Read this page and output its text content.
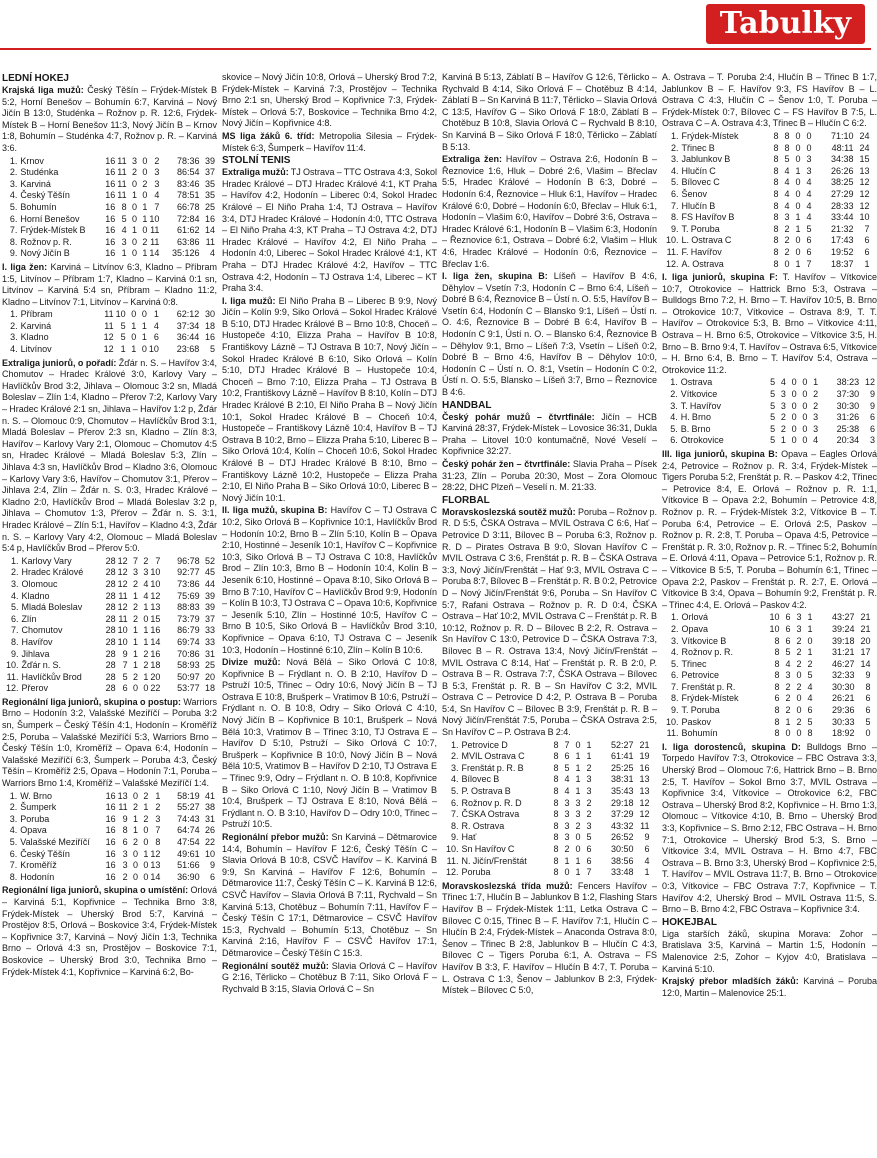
Tabulky
LEDNÍ HOKEJ
Krajská liga mužů: Český Těšín – Frýdek-Místek B 5:2, Horní Benešov – Bohumín 6:7, Karviná – Nový Jičín B 13:0, Studénka – Rožnov p. R. 12:6, Frýdek-Místek B – Horní Benešov 11:3, Nový Jičín B – Krnov 1:8, Bohumín – Studénka 4:7, Rožnov p. R. – Karviná 3:6.
1.	Krnov	16	11	3	0	2	78:36	39
2.	Studénka	16	11	2	0	3	86:54	37
3.	Karviná	16	11	0	2	3	83:46	35
4.	Český Těšín	16	11	1	0	4	78:51	35
5.	Bohumín	16	8	0	1	7	66:78	25
6.	Horní Benešov	16	5	0	1	10	72:84	16
7.	Frýdek-Místek B	16	4	1	0	11	61:62	14
8.	Rožnov p. R.	16	3	0	2	11	63:86	11
9.	Nový Jičín B	16	1	0	1	14	35:126	4
I. liga žen: Karviná – Litvínov 6:3, Kladno – Příbram 1:5, Litvínov – Příbram 1:7, Kladno – Karviná 0:1 sn, Litvínov – Karviná 5:4 sn, Příbram – Kladno 11:2, Kladno – Litvínov 7:1, Litvínov – Karviná 0:8.
1.	Příbram	11	10	0	0	1	62:12	30
2.	Karviná	11	5	1	1	4	37:34	18
3.	Kladno	12	5	0	1	6	36:44	16
4.	Litvínov	12	1	1	0	10	23:68	5
Extraliga juniorů, o pořadí: Žďár n. S. – Havířov 3:4, Chomutov – Hradec Králové 3:0, Karlovy Vary – Havlíčkův Brod 3:2, Jihlava – Olomouc 3:2 sn, Mladá Boleslav – Zlín 1:4, Kladno – Přerov 7:2, Karlovy Vary – Hradec Králové 2:1 sn, Jihlava – Havířov 1:2 p, Žďár n. S. – Olomouc 0:9, Chomutov – Havlíčkův Brod 3:1, Mladá Boleslav – Přerov 2:3 sn, Kladno – Zlín 8:3, Havířov – Karlovy Vary 2:1, Olomouc – Chomutov 4:5 sn, Hradec Králové – Mladá Boleslav 5:3, Zlín – Jihlava 4:3 sn, Havlíčkův Brod – Kladno 3:6, Olomouc – Karlovy Vary 3:6, Havířov – Chomutov 3:1, Přerov – Jihlava 2:4, Zlín – Žďár n. S. 0:3, Hradec Králové – Kladno 2:0, Havlíčkův Brod – Mladá Boleslav 3:2 p, Jihlava – Chomutov 1:3, Přerov – Žďár n. S. 3:1, Hradec Králové – Zlín 5:1, Havířov – Kladno 4:3, Žďár n. S. – Karlovy Vary 4:2, Olomouc – Mladá Boleslav 5:4 p, Havlíčkův Brod – Přerov 5:0.
1.	Karlovy Vary	28	12	7	2	7	96:78	52
2.	Hradec Králové	28	12	3	3	10	92:77	45
3.	Olomouc	28	12	2	4	10	73:86	44
4.	Kladno	28	11	1	4	12	75:69	39
5.	Mladá Boleslav	28	12	2	1	13	88:83	39
6.	Zlín	28	11	2	0	15	73:79	37
7.	Chomutov	28	10	1	1	16	86:79	33
8.	Havířov	28	10	1	1	14	69:74	33
9.	Jihlava	28	9	1	2	16	70:86	31
10.	Žďár n. S.	28	7	1	2	18	58:93	25
11.	Havlíčkův Brod	28	5	2	1	20	50:97	20
12.	Přerov	28	6	0	0	22	53:77	18
Regionální liga juniorů, skupina o postup: Warriors Brno – Hodonín 3:2, Valašské Meziříčí – Poruba 3:2 sn, Šumperk – Český Těšín 4:1, Hodonín – Kroměříž 2:5, Poruba – Valašské Meziříčí 5:3, Warriors Brno – Český Těšín 1:0, Kroměříž – Opava 6:4, Hodonín – Valašské Meziříčí 6:3, Šumperk – Poruba 4:3, Český Těšín – Kroměříž 2:5, Opava – Hodonín 7:1, Poruba – Warriors Brno 1:4, Kroměříž – Valašské Meziříčí 1:4.
1.	W. Brno	16	13	0	2	1	58:19	41
2.	Šumperk	16	11	2	1	2	55:27	38
3.	Poruba	16	9	1	2	3	74:43	31
4.	Opava	16	8	1	0	7	64:74	26
5.	Valašské Meziříčí	16	6	2	0	8	47:54	22
6.	Český Těšín	16	3	0	1	12	49:61	10
7.	Kroměříž	16	3	0	0	13	51:66	9
8.	Hodonín	16	2	0	0	14	36:90	6
Regionální liga juniorů, skupina o umístění: Orlová – Karviná 5:1, Kopřivnice – Technika Brno 3:8, Frýdek-Místek – Uherský Brod 5:7, Karviná – Prostějov 8:5, Orlová – Boskovice 3:4, Frýdek-Místek – Kopřivnice 3:7, Karviná – Nový Jičín 1:3, Technika Brno – Orlová 4:3 sn, Prostějov – Boskovice 7:1, Boskovice – Uherský Brod 3:0, Technika Brno – Frýdek-Místek 4:1, Kopřivnice – Karviná 6:2, Bo-
skovice – Nový Jičín 10:8, Orlová – Uherský Brod 7:2, Frýdek-Místek – Karviná 7:3, Prostějov – Technika Brno 2:1 sn, Uherský Brod – Kopřivnice 7:3, Frýdek-Místek – Orlová 5:7, Boskovice – Technika Brno 4:2, Nový Jičín – Kopřivnice 4:8.
MS liga žáků 6. tříd: Metropolia Silesia – Frýdek-Místek 6:3, Šumperk – Havířov 11:4.
STOLNÍ TENIS
Extraliga mužů: TJ Ostrava – TTC Ostrava 4:3, Sokol Hradec Králové – DTJ Hradec Králové 4:1, KT Praha – Havířov 4:2, Hodonín – Liberec 0:4, Sokol Hradec Králové – El Niño Praha 1:4, TJ Ostrava – Havířov 3:4, DTJ Hradec Králové – Hodonín 4:0, TTC Ostrava – El Niño Praha 4:3, KT Praha – TJ Ostrava 4:2, DTJ Hradec Králové – Havířov 4:2, El Niño Praha – Hodonín 4:0, Liberec – Sokol Hradec Králové 4:1, KT Praha – DTJ Hradec Králové 4:2, Havířov – TTC Ostrava 4:2, Hodonín – TJ Ostrava 1:4, Liberec – KT Praha 3:4.
I. liga mužů: El Niño Praha B – Liberec B 9:9, Nový Jičín – Kolín 9:9, Siko Orlová – Sokol Hradec Králové B 5:10, DTJ Hradec Králové B – Brno 10:8, Choceň – Hustopeče 4:10, Elizza Praha – Havířov B 10:8, Františkovy Lázně – TJ Ostrava B 10:7, Nový Jičín – Sokol Hradec Králové B 6:10, Siko Orlová – Kolín 5:10, DTJ Hradec Králové B – Hustopeče 10:4, Choceň – Brno 7:10, Elizza Praha – TJ Ostrava B 10:2, Františkovy Lázně – Havířov B 8:10, Kolín – DTJ Hradec Králové B 2:10, El Niño Praha B – Nový Jičín 10:1, Sokol Hradec Králové B – Choceň 10:4, Hustopeče – Františkovy Lázně 10:4, Havířov B – TJ Ostrava B 10:2, Brno – Elizza Praha 5:10, Liberec B – Siko Orlová 10:4, Kolín – Choceň 10:6, Sokol Hradec Králové B – DTJ Hradec Králové B 8:10, Brno – Františkovy Lázně 10:2, Hustopeče – Elizza Praha 2:10, El Niño Praha B – Siko Orlová 10:0, Liberec B – Nový Jičín 10:1.
II. liga mužů, skupina B: Havířov C – TJ Ostrava C 10:2, Siko Orlová B – Kopřivnice 10:1, Havlíčkův Brod – Hodonín 10:2, Brno B – Zlín 5:10, Kolín B – Opava 2:10, Hostinné – Jeseník 10:1, Havířov C – Kopřivnice 10:3, Siko Orlová B – TJ Ostrava C 10:8, Havlíčkův Brod – Zlín 10:3, Brno B – Hodonín 10:4, Kolín B – Jeseník 6:10, Hostinné – Opava 8:10, Siko Orlová B – Brno B 7:10, Havířov C – Havlíčkův Brod 9:9, Hodonín – Kolín B 10:3, TJ Ostrava C – Opava 10:6, Kopřivnice – Jeseník 5:10, Zlín – Hostinné 10:5, Havířov C – Brno B 10:5, Siko Orlová B – Havlíčkův Brod 3:10, Kopřivnice – Opava 6:10, TJ Ostrava C – Jeseník 10:3, Hodonín – Hostinné 6:10, Zlín – Kolín B 10:6.
Divize mužů: Nová Bělá – Siko Orlová C 10:8, Kopřivnice B – Frýdlant n. O. B 2:10, Havířov D – Pstruží 10:5, Třinec – Odry 10:6, Nový Jičín B – TJ Ostrava E 10:8, Brušperk – Vratimov B 10:6, Pstruží – Frýdlant n. O. B 10:8, Odry – Siko Orlová C 4:10, Nový Jičín B – Kopřivnice B 10:1, Brušperk – Nová Bělá 10:3, Vratimov B – Třinec 3:10, TJ Ostrava E – Havířov D 5:10, Pstruží – Siko Orlová C 10:7, Brušperk – Kopřivnice B 10:0, Nový Jičín B – Nová Bělá 10:5, Vratimov B – Havířov D 2:10, TJ Ostrava E – Třinec 9:9, Odry – Frýdlant n. O. B 10:8, Kopřivnice B – Siko Orlová C 1:10, Nový Jičín B – Vratimov B 10:4, Brušperk – TJ Ostrava E 8:10, Nová Bělá – Frýdlant n. O. B 3:10, Havířov D – Odry 10:0, Třinec – Pstruží 10:5.
Regionální přebor mužů: Sn Karviná – Dětmarovice 14:4, Bohumín – Havířov F 12:6, Český Těšín C – Slavia Orlová B 10:8, CSVČ Havířov – K. Karviná B 9:9, Sn Karviná – Havířov F 12:6, Bohumín – Dětmarovice 11:7, Český Těšín C – K. Karviná B 12:6, CSVČ Havířov – Slavia Orlová B 7:11, Rychvald – Sn Karviná 5:13, Chotěbuz – Bohumín 7:11, Havířov F – Český Těšín C 17:1, Dětmarovice – CSVČ Havířov 15:3, Rychvald – Bohumín 5:13, Chotěbuz – Sn Karviná 2:16, Havířov F – CSVČ Havířov 17:1, Dětmarovice – Český Těšín C 15:3.
Regionální soutěž mužů: Slavia Orlová C – Havířov G 2:16, Těrlicko – Chotěbuz B 7:11, Siko Orlová F – Rychvald B 3:15, Slavia Orlová C – Sn
Karviná B 5:13, Záblatí B – Havířov G 12:6, Těrlicko – Rychvald B 4:14, Siko Orlová F – Chotěbuz B 4:14, Záblatí B – Sn Karviná B 11:7, Těrlicko – Slavia Orlová C 13:5, Havířov G – Siko Orlová F 18:0, Záblatí B – Chotěbuz B 10:8, Slavia Orlová C – Rychvald B 8:10, Sn Karviná B – Siko Orlová F 18:0, Těrlicko – Záblatí B 5:13.
Extraliga žen: Havířov – Ostrava 2:6, Hodonín B – Řeznovice 1:6, Hluk – Dobré 2:6, Vlašim – Břeclav 5:5, Hradec Králové – Hodonín B 6:3, Dobré – Hodonín 6:4, Řeznovice – Hluk 6:1, Havířov – Hradec Králové 6:0, Dobré – Hodonín 6:0, Břeclav – Hluk 6:1, Hodonín – Vlašim 6:0, Havířov – Dobré 3:6, Ostrava – Hradec Králové 6:1, Hodonín B – Vlašim 6:3, Hodonín – Řeznovice 6:1, Ostrava – Dobré 6:2, Vlašim – Hluk 4:6, Hradec Králové – Hodonín 0:6, Řeznovice – Břeclav 1:6.
I. liga žen, skupina B: Líšeň – Havířov B 4:6, Děhylov – Vsetín 7:3, Hodonín C – Brno 6:4, Líšeň – Dobré B 6:4, Řeznovice B – Ústí n. O. 5:5, Havířov B – Vsetín 6:4, Hodonín C – Blansko 9:1, Líšeň – Ústí n. O. 4:6, Řeznovice B – Dobré B 6:4, Havířov B – Hodonín C 9:1, Ústí n. O. – Blansko 6:4, Řeznovice B – Děhylov 9:1, Brno – Líšeň 7:3, Vsetín – Líšeň 0:2, Dobré B – Brno 4:6, Havířov B – Děhylov 10:0, Hodonín C – Ústí n. O. 8:1, Vsetín – Hodonín C 0:2, Ústí n. O. 5:5, Blansko – Líšeň 3:7, Brno – Řeznovice B 4:6.
HANDBAL
Český pohár mužů – čtvrtfinále: Jičín – HCB Karviná 28:37, Frýdek-Místek – Lovosice 36:31, Dukla Praha – Litovel 10:0 kontumačně, Nové Veselí – Kopřivnice 32:27.
Český pohár žen – čtvrtfinále: Slavia Praha – Písek 31:23, Zlín – Poruba 20:30, Most – Zora Olomouc 28:22, DHC Plzeň – Veselí n. M. 21:33.
FLORBAL
Moravskoslezská soutěž mužů: Poruba – Rožnov p. R. D 5:5, ČSKA Ostrava – MVIL Ostrava C 6:6, Hať – Petrovice D 3:11, Bílovec B – Poruba 6:3, Rožnov p. R. D – Pirates Ostrava B 9:0, Slovan Havířov C – MVIL Ostrava C 3:6, Frenštát p. R. B – ČSKA Ostrava 3:3, Nový Jičín/Frenštát – Hať 9:3, MVIL Ostrava C – Poruba 8:7, Bílovec B – Frenštát p. R. B 0:2, Petrovice D – Nový Jičín/Frenštát 9:6, Poruba – Sn Havířov C 5:7, Rafani Ostrava – Rožnov p. R. D 0:4, ČSKA Ostrava – Hať 10:2, MVIL Ostrava C – Frenštát p. R. B 10:12, Rožnov p. R. D – Bílovec B 2:2, R. Ostrava – Sn Havířov C 13:0, Petrovice D – ČSKA Ostrava 7:3, Bílovec B – R. Ostrava 13:4, Nový Jičín/Frenštát – MVIL Ostrava C 8:14, Hať – Frenštát p. R. B 2:0, P. Ostrava B – R. Ostrava 7:7, ČSKA Ostrava – Bílovec B 5:3, Frenštát p. R. B – Sn Havířov C 3:2, MVIL Ostrava C – Petrovice D 4:2, P. Ostrava B – Poruba 5:4, Sn Havířov C – Bílovec B 3:9, Frenštát p. R. B – Nový Jičín/Frenštát 7:5, Poruba – ČSKA Ostrava 2:5, Sn Havířov C – P. Ostrava B 2:4.
1.	Petrovice D	8	7	0	1	52:27	21
2.	MVIL Ostrava C	8	6	1	1	61:41	19
3.	Frenštát p. R. B	8	5	1	2	25:25	16
4.	Bílovec B	8	4	1	3	38:31	13
5.	P. Ostrava B	8	4	1	3	35:43	13
6.	Rožnov p. R. D	8	3	3	2	29:18	12
7.	ČSKA Ostrava	8	3	3	2	37:29	12
8.	R. Ostrava	8	3	2	3	43:32	11
9.	Hať	8	3	0	5	26:52	9
10.	Sn Havířov C	8	2	0	6	30:50	6
11.	N. Jičín/Frenštát	8	1	1	6	38:56	4
12.	Poruba	8	0	1	7	33:48	1
Moravskoslezská třída mužů: Fencers Havířov – Třinec 1:7, Hlučín B – Jablunkov B 1:2, Flashing Stars Havířov B – Frýdek-Místek 1:11, Letka Ostrava C – Bílovec C 0:15, Třinec B – F. Havířov 7:1, Hlučín C – Hlučín B 2:4, Frýdek-Místek – Anaconda Ostrava 8:0, Šenov – Třinec B 2:8, Jablunkov B – Hlučín C 4:3, Bílovec C – Tigers Poruba 6:1, A. Ostrava – FS Havířov B 3:3, F. Havířov – Hlučín B 4:7, T. Poruba – L. Ostrava C 1:3, Šenov – Jablunkov B 2:3, Frýdek-Místek – Bílovec C 5:0,
A. Ostrava – T. Poruba 2:4, Hlučín B – Třinec B 1:7, Jablunkov B – F. Havířov 9:3, FS Havířov B – L. Ostrava C 4:3, Hlučín C – Šenov 1:0, T. Poruba – Frýdek-Místek 0:7, Bílovec C – FS Havířov B 7:5, L. Ostrava C – A. Ostrava 4:3, Třinec B – Hlučín C 6:2.
1.	Frýdek-Místek	8	8	0	0	71:10	24
2.	Třinec B	8	8	0	0	48:11	24
3.	Jablunkov B	8	5	0	3	34:38	15
4.	Hlučín C	8	4	1	3	26:26	13
5.	Bílovec C	8	4	0	4	38:25	12
6.	Šenov	8	4	0	4	27:29	12
7.	Hlučín B	8	4	0	4	28:33	12
8.	FS Havířov B	8	3	1	4	33:44	10
9.	T. Poruba	8	2	1	5	21:32	7
10.	L. Ostrava C	8	2	0	6	17:43	6
11.	F. Havířov	8	2	0	6	19:52	6
12.	A. Ostrava	8	0	1	7	18:37	1
I. liga juniorů, skupina F: T. Havířov – Vítkovice 10:7, Otrokovice – Hattrick Brno 5:3, Ostrava – Bulldogs Brno 7:2, H. Brno – T. Havířov 10:5, B. Brno – Otrokovice 10:7, Vítkovice – Ostrava 8:9, T. T. Havířov – Otrokovice 5:3, B. Brno – Vítkovice 4:11, Ostrava – H. Brno 6:5, Otrokovice – Vítkovice 3:5, H. Brno – B. Brno 9:4, T. Havířov – Ostrava 6:5, Vítkovice – H. Brno 6:4, B. Brno – T. Havířov 5:4, Ostrava – Otrokovice 11:2.
1.	Ostrava	5	4	0	0	1	38:23	12
2.	Vítkovice	5	3	0	0	2	37:30	9
3.	T. Havířov	5	3	0	0	2	30:30	9
4.	H. Brno	5	2	0	0	3	31:26	6
5.	B. Brno	5	2	0	0	3	25:38	6
6.	Otrokovice	5	1	0	0	4	20:34	3
III. liga juniorů, skupina B: Opava – Eagles Orlová 2:4, Petrovice – Rožnov p. R. 3:4, Frýdek-Místek – Tigers Poruba 5:2, Frenštát p. R. – Paskov 4:2, Třinec – Petrovice 8:4, E. Orlová – Rožnov p. R. 1:1, Vítkovice B – Opava 2:2, Bohumín – Petrovice 4:8, Rožnov p. R. – Frýdek-Místek 3:2, Vítkovice B – T. Poruba 6:4, Petrovice – E. Orlová 2:5, Paskov – Rožnov p. R. 2:8, T. Poruba – Opava 4:5, Petrovice – Frenštát p. R. 3:0, Rožnov p. R. – Třinec 5:2, Bohumín – E. Orlová 4:11, Opava – Petrovice 5:1, Rožnov p. R. – Vítkovice B 5:5, T. Poruba – Bohumín 6:1, Třinec – Opava 2:2, Paskov – Frenštát p. R. 2:7, E. Orlová – Vítkovice B 3:4, Opava – Bohumín 9:2, Frenštát p. R. – Třinec 4:4, E. Orlová – Paskov 4:2.
1.	Orlová	10	6	3	1	43:27	21
2.	Opava	10	6	3	1	39:24	21
3.	Vítkovice B	8	6	2	0	39:18	20
4.	Rožnov p. R.	8	5	2	1	31:21	17
5.	Třinec	8	4	2	2	46:27	14
6.	Petrovice	8	3	0	5	32:33	9
7.	Frenštát p. R.	8	2	2	4	30:30	8
8.	Frýdek-Místek	6	2	0	4	26:21	6
9.	T. Poruba	8	2	0	6	29:36	6
10.	Paskov	8	1	2	5	30:33	5
11.	Bohumín	8	0	0	8	18:92	0
I. liga dorostenců, skupina D: Bulldogs Brno – Torpedo Havířov 7:3, Otrokovice – FBC Ostrava 3:3, Uherský Brod – Olomouc 7:6, Hattrick Brno – B. Brno 2:5, T. Havířov – Sokol Brno 3:7, MVIL Ostrava – Kopřivnice 3:4, Vítkovice – Otrokovice 6:2, FBC Ostrava – Uherský Brod 8:2, Kopřivnice – H. Brno 1:3, Olomouc – Vítkovice 4:10, B. Brno – Uherský Brod 3:3, Kopřivnice – S. Brno 2:12, FBC Ostrava – H. Brno 7:1, Otrokovice – Uherský Brod 5:3, S. Brno – Vítkovice 3:4, MVIL Ostrava – H. Brno 4:7, FBC Ostrava – B. Brno 3:3, Uherský Brod – Kopřivnice 2:5, T. Havířov – MVIL Ostrava 11:7, B. Brno – Otrokovice 0:3, Vítkovice – FBC Ostrava 7:7, Kopřivnice – T. Havířov 4:2, Uherský Brod – MVIL Ostrava 11:5, S. Brno – B. Brno 4:2, FBC Ostrava – Kopřivnice 3:4.
HOKEJBAL
Liga starších žáků, skupina Morava: Zohor – Bratislava 3:5, Karviná – Martin 1:5, Hodonín – Malenovice 2:5, Zohor – Kyjov 4:0, Bratislava – Karviná 5:10.
Krajský přebor mladších žáků: Karviná – Poruba 12:0, Martin – Malenovice 25:1.
